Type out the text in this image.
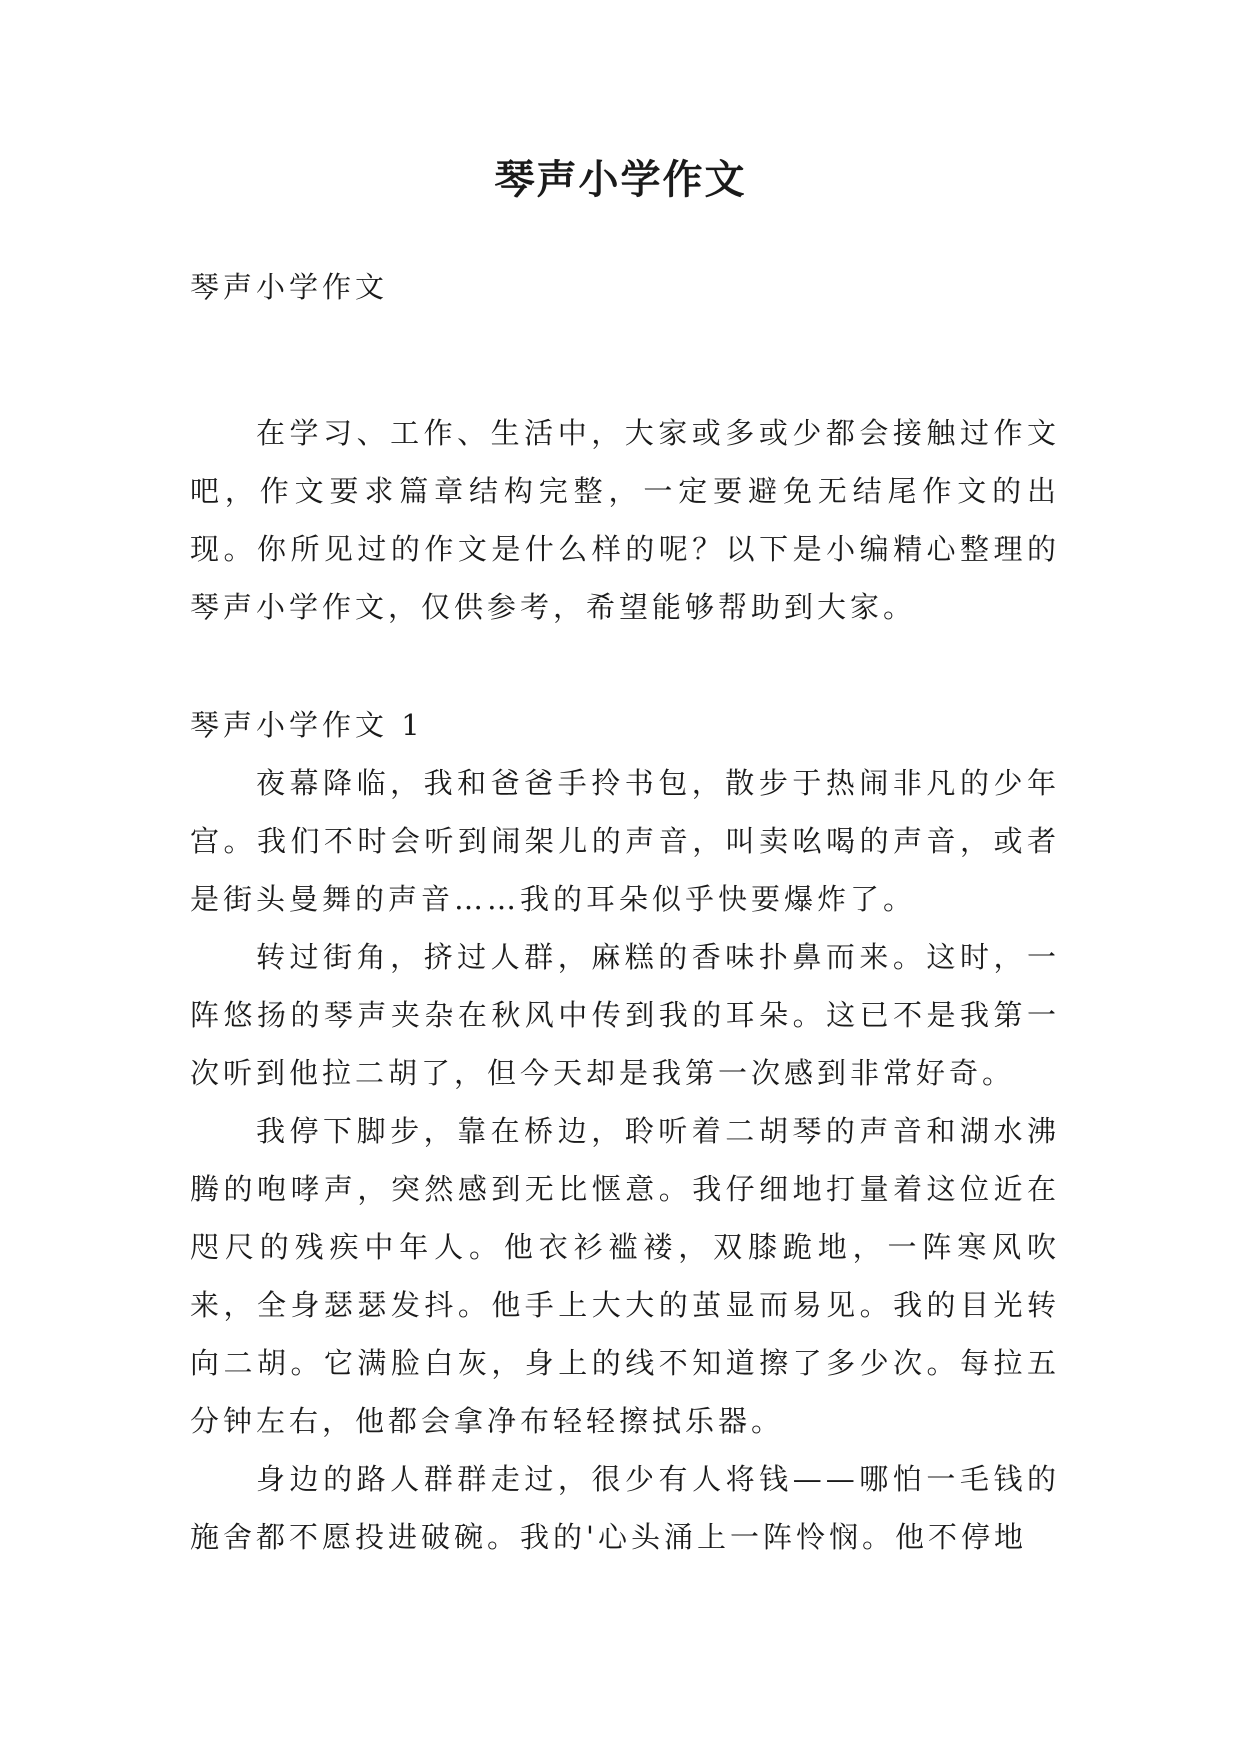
琴声小学作文

琴声小学作文

在学习、工作、生活中，大家或多或少都会接触过作文吧，作文要求篇章结构完整，一定要避免无结尾作文的出现。你所见过的作文是什么样的呢？以下是小编精心整理的琴声小学作文，仅供参考，希望能够帮助到大家。

琴声小学作文 1

夜幕降临，我和爸爸手拎书包，散步于热闹非凡的少年宫。我们不时会听到闹架儿的声音，叫卖吆喝的声音，或者是街头曼舞的声音……我的耳朵似乎快要爆炸了。

转过街角，挤过人群，麻糕的香味扑鼻而来。这时，一阵悠扬的琴声夹杂在秋风中传到我的耳朵。这已不是我第一次听到他拉二胡了，但今天却是我第一次感到非常好奇。

我停下脚步，靠在桥边，聆听着二胡琴的声音和湖水沸腾的咆哮声，突然感到无比惬意。我仔细地打量着这位近在咫尺的残疾中年人。他衣衫褴褛，双膝跪地，一阵寒风吹来，全身瑟瑟发抖。他手上大大的茧显而易见。我的目光转向二胡。它满脸白灰，身上的线不知道擦了多少次。每拉五分钟左右，他都会拿净布轻轻擦拭乐器。

身边的路人群群走过，很少有人将钱——哪怕一毛钱的施舍都不愿投进破碗。我的'心头涌上一阵怜悯。他不停地
